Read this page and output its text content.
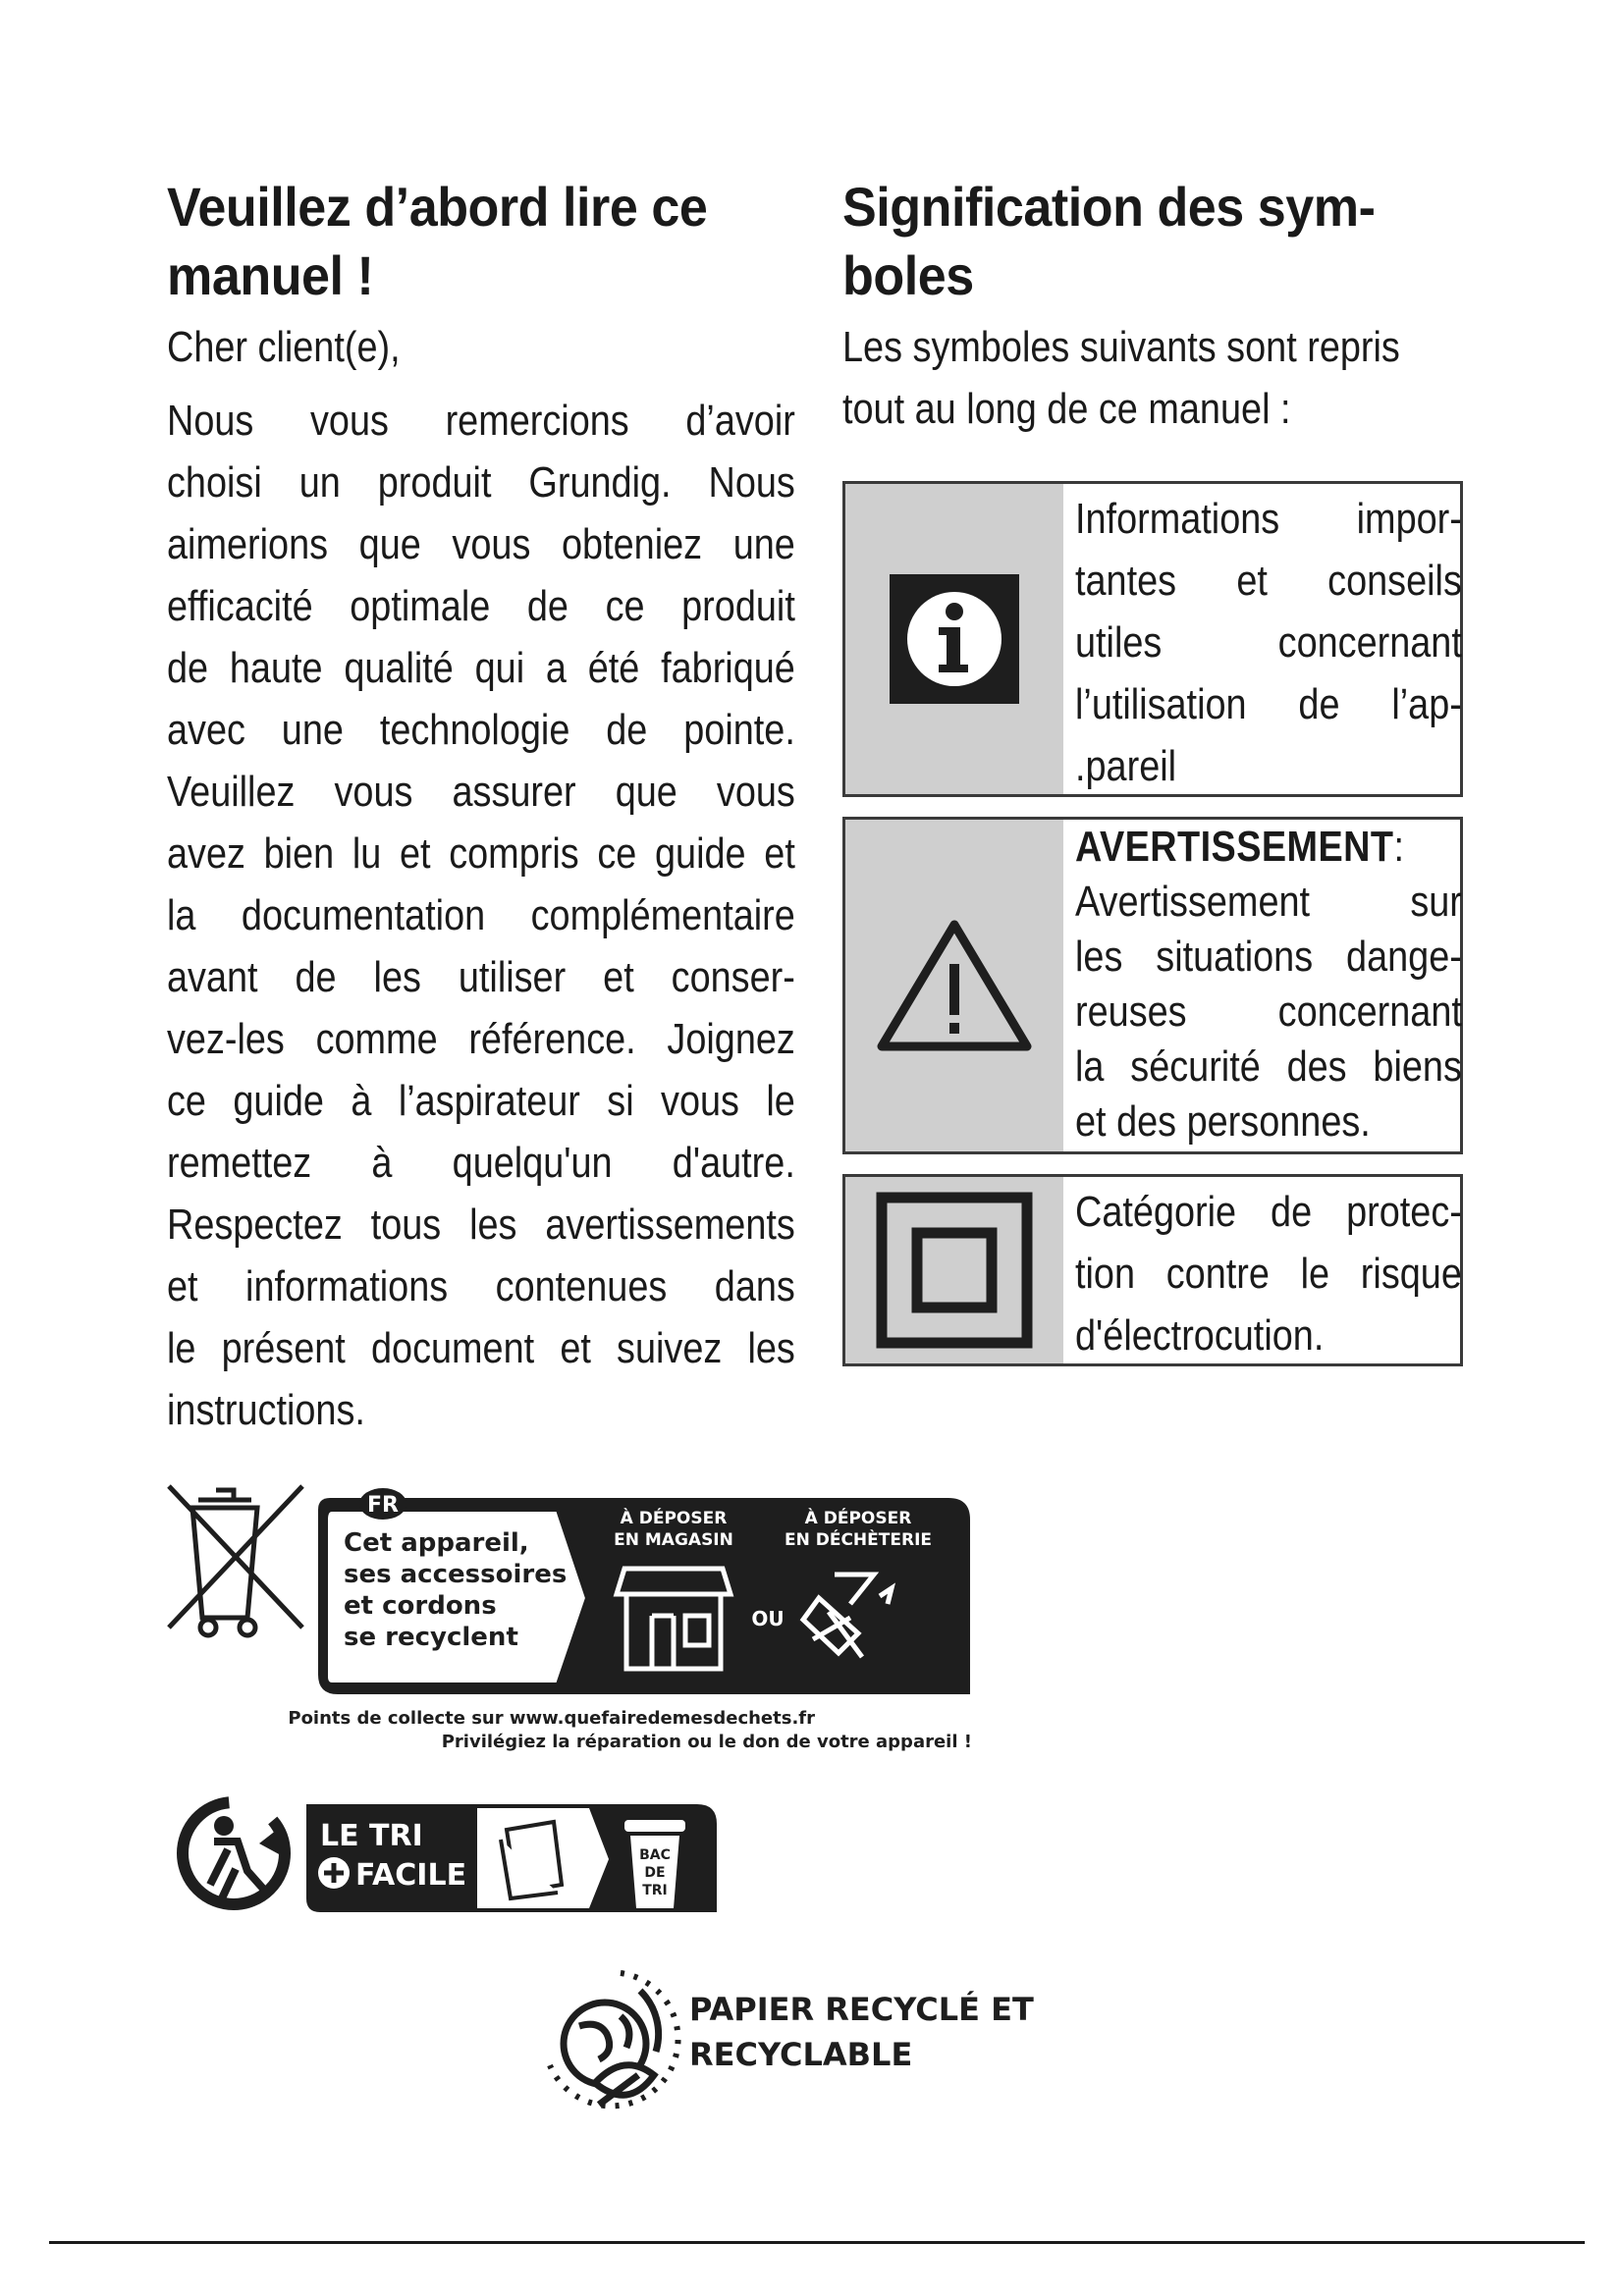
Veuillez d’abord lire ce
manuel !

Cher client(e),

Nous vous remercions d’avoir
choisi un produit Grundig. Nous
aimerions que vous obteniez une
efficacité optimale de ce produit
de haute qualité qui a été fabriqué
avec une technologie de pointe.
Veuillez vous assurer que vous
avez bien lu et compris ce guide et
la documentation complémentaire
avant de les utiliser et conser-
vez-les comme référence. Joignez
ce guide à l’aspirateur si vous le
remettez à quelqu'un d'autre.
Respectez tous les avertissements
et informations contenues dans
le présent document et suivez les
instructions.

Signification des sym-
boles

Les symboles suivants sont repris
tout au long de ce manuel :

Informations impor-
tantes et conseils
utiles concernant
l’utilisation de l’ap-
.pareil
AVERTISSEMENT:
Avertissement sur
les situations dange-
reuses concernant
la sécurité des biens
et des personnes.
Catégorie de protec-
tion contre le risque
d'électrocution.
FR
Cet appareil,
ses accessoires
et cordons
se recyclent
À DÉPOSER
EN MAGASIN
À DÉPOSER
EN DÉCHÈTERIE
OU
Points de collecte sur www.quefairedemesdechets.fr
Privilégiez la réparation ou le don de votre appareil !
LE TRI
FACILE
BAC
DE
TRI
PAPIER RECYCLÉ ET
RECYCLABLE
